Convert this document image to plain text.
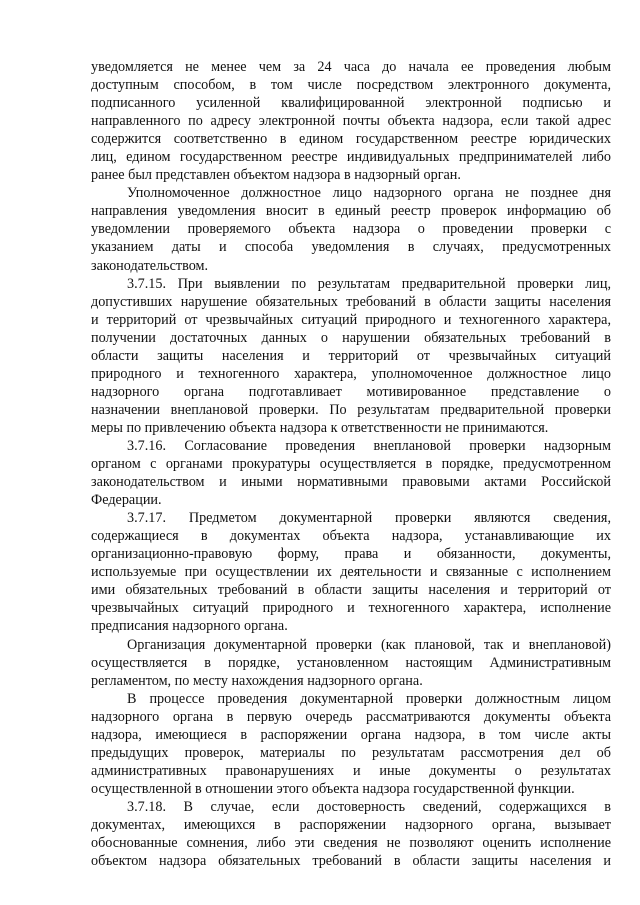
уведомляется не менее чем за 24 часа до начала ее проведения любым
доступным способом, в том числе посредством электронного документа,
подписанного усиленной квалифицированной электронной подписью и
направленного по адресу электронной почты объекта надзора, если такой адрес
содержится соответственно в едином государственном реестре юридических
лиц, едином государственном реестре индивидуальных предпринимателей либо
ранее был представлен объектом надзора в надзорный орган.
Уполномоченное должностное лицо надзорного органа не позднее дня
направления уведомления вносит в единый реестр проверок информацию об
уведомлении проверяемого объекта надзора о проведении проверки с
указанием даты и способа уведомления в случаях, предусмотренных
законодательством.
3.7.15. При выявлении по результатам предварительной проверки лиц,
допустивших нарушение обязательных требований в области защиты населения
и территорий от чрезвычайных ситуаций природного и техногенного характера,
получении достаточных данных о нарушении обязательных требований в
области защиты населения и территорий от чрезвычайных ситуаций
природного и техногенного характера, уполномоченное должностное лицо
надзорного органа подготавливает мотивированное представление о
назначении внеплановой проверки. По результатам предварительной проверки
меры по привлечению объекта надзора к ответственности не принимаются.
3.7.16. Согласование проведения внеплановой проверки надзорным
органом с органами прокуратуры осуществляется в порядке, предусмотренном
законодательством и иными нормативными правовыми актами Российской
Федерации.
3.7.17. Предметом документарной проверки являются сведения,
содержащиеся в документах объекта надзора, устанавливающие их
организационно-правовую форму, права и обязанности, документы,
используемые при осуществлении их деятельности и связанные с исполнением
ими обязательных требований в области защиты населения и территорий от
чрезвычайных ситуаций природного и техногенного характера, исполнение
предписания надзорного органа.
Организация документарной проверки (как плановой, так и внеплановой)
осуществляется в порядке, установленном настоящим Административным
регламентом, по месту нахождения надзорного органа.
В процессе проведения документарной проверки должностным лицом
надзорного органа в первую очередь рассматриваются документы объекта
надзора, имеющиеся в распоряжении органа надзора, в том числе акты
предыдущих проверок, материалы по результатам рассмотрения дел об
административных правонарушениях и иные документы о результатах
осуществленной в отношении этого объекта надзора государственной функции.
3.7.18. В случае, если достоверность сведений, содержащихся в
документах, имеющихся в распоряжении надзорного органа, вызывает
обоснованные сомнения, либо эти сведения не позволяют оценить исполнение
объектом надзора обязательных требований в области защиты населения и
